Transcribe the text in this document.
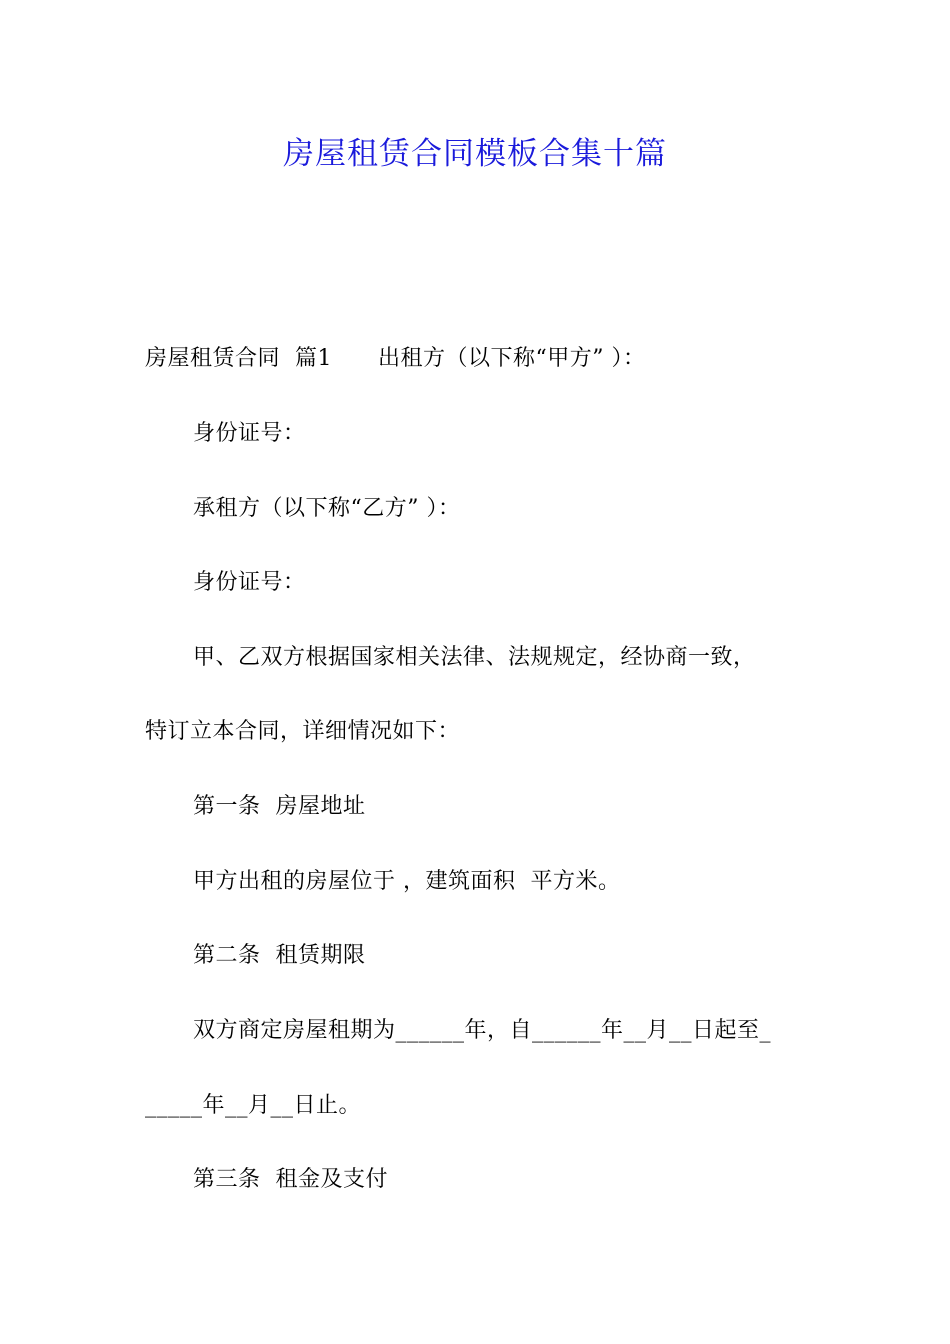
房屋租赁合同模板合集十篇
房屋租赁合同  篇1 出租方（以下称“甲方” ）：
身份证号：
承租方（以下称“乙方” ）：
身份证号：
甲、乙双方根据国家相关法律、法规规定，经协商一致，
特订立本合同，详细情况如下：
第一条  房屋地址
甲方出租的房屋位于 ，建筑面积  平方米。
第二条  租赁期限
双方商定房屋租期为______年，自______年__月__日起至_
_____年__月__日止。
第三条  租金及支付
